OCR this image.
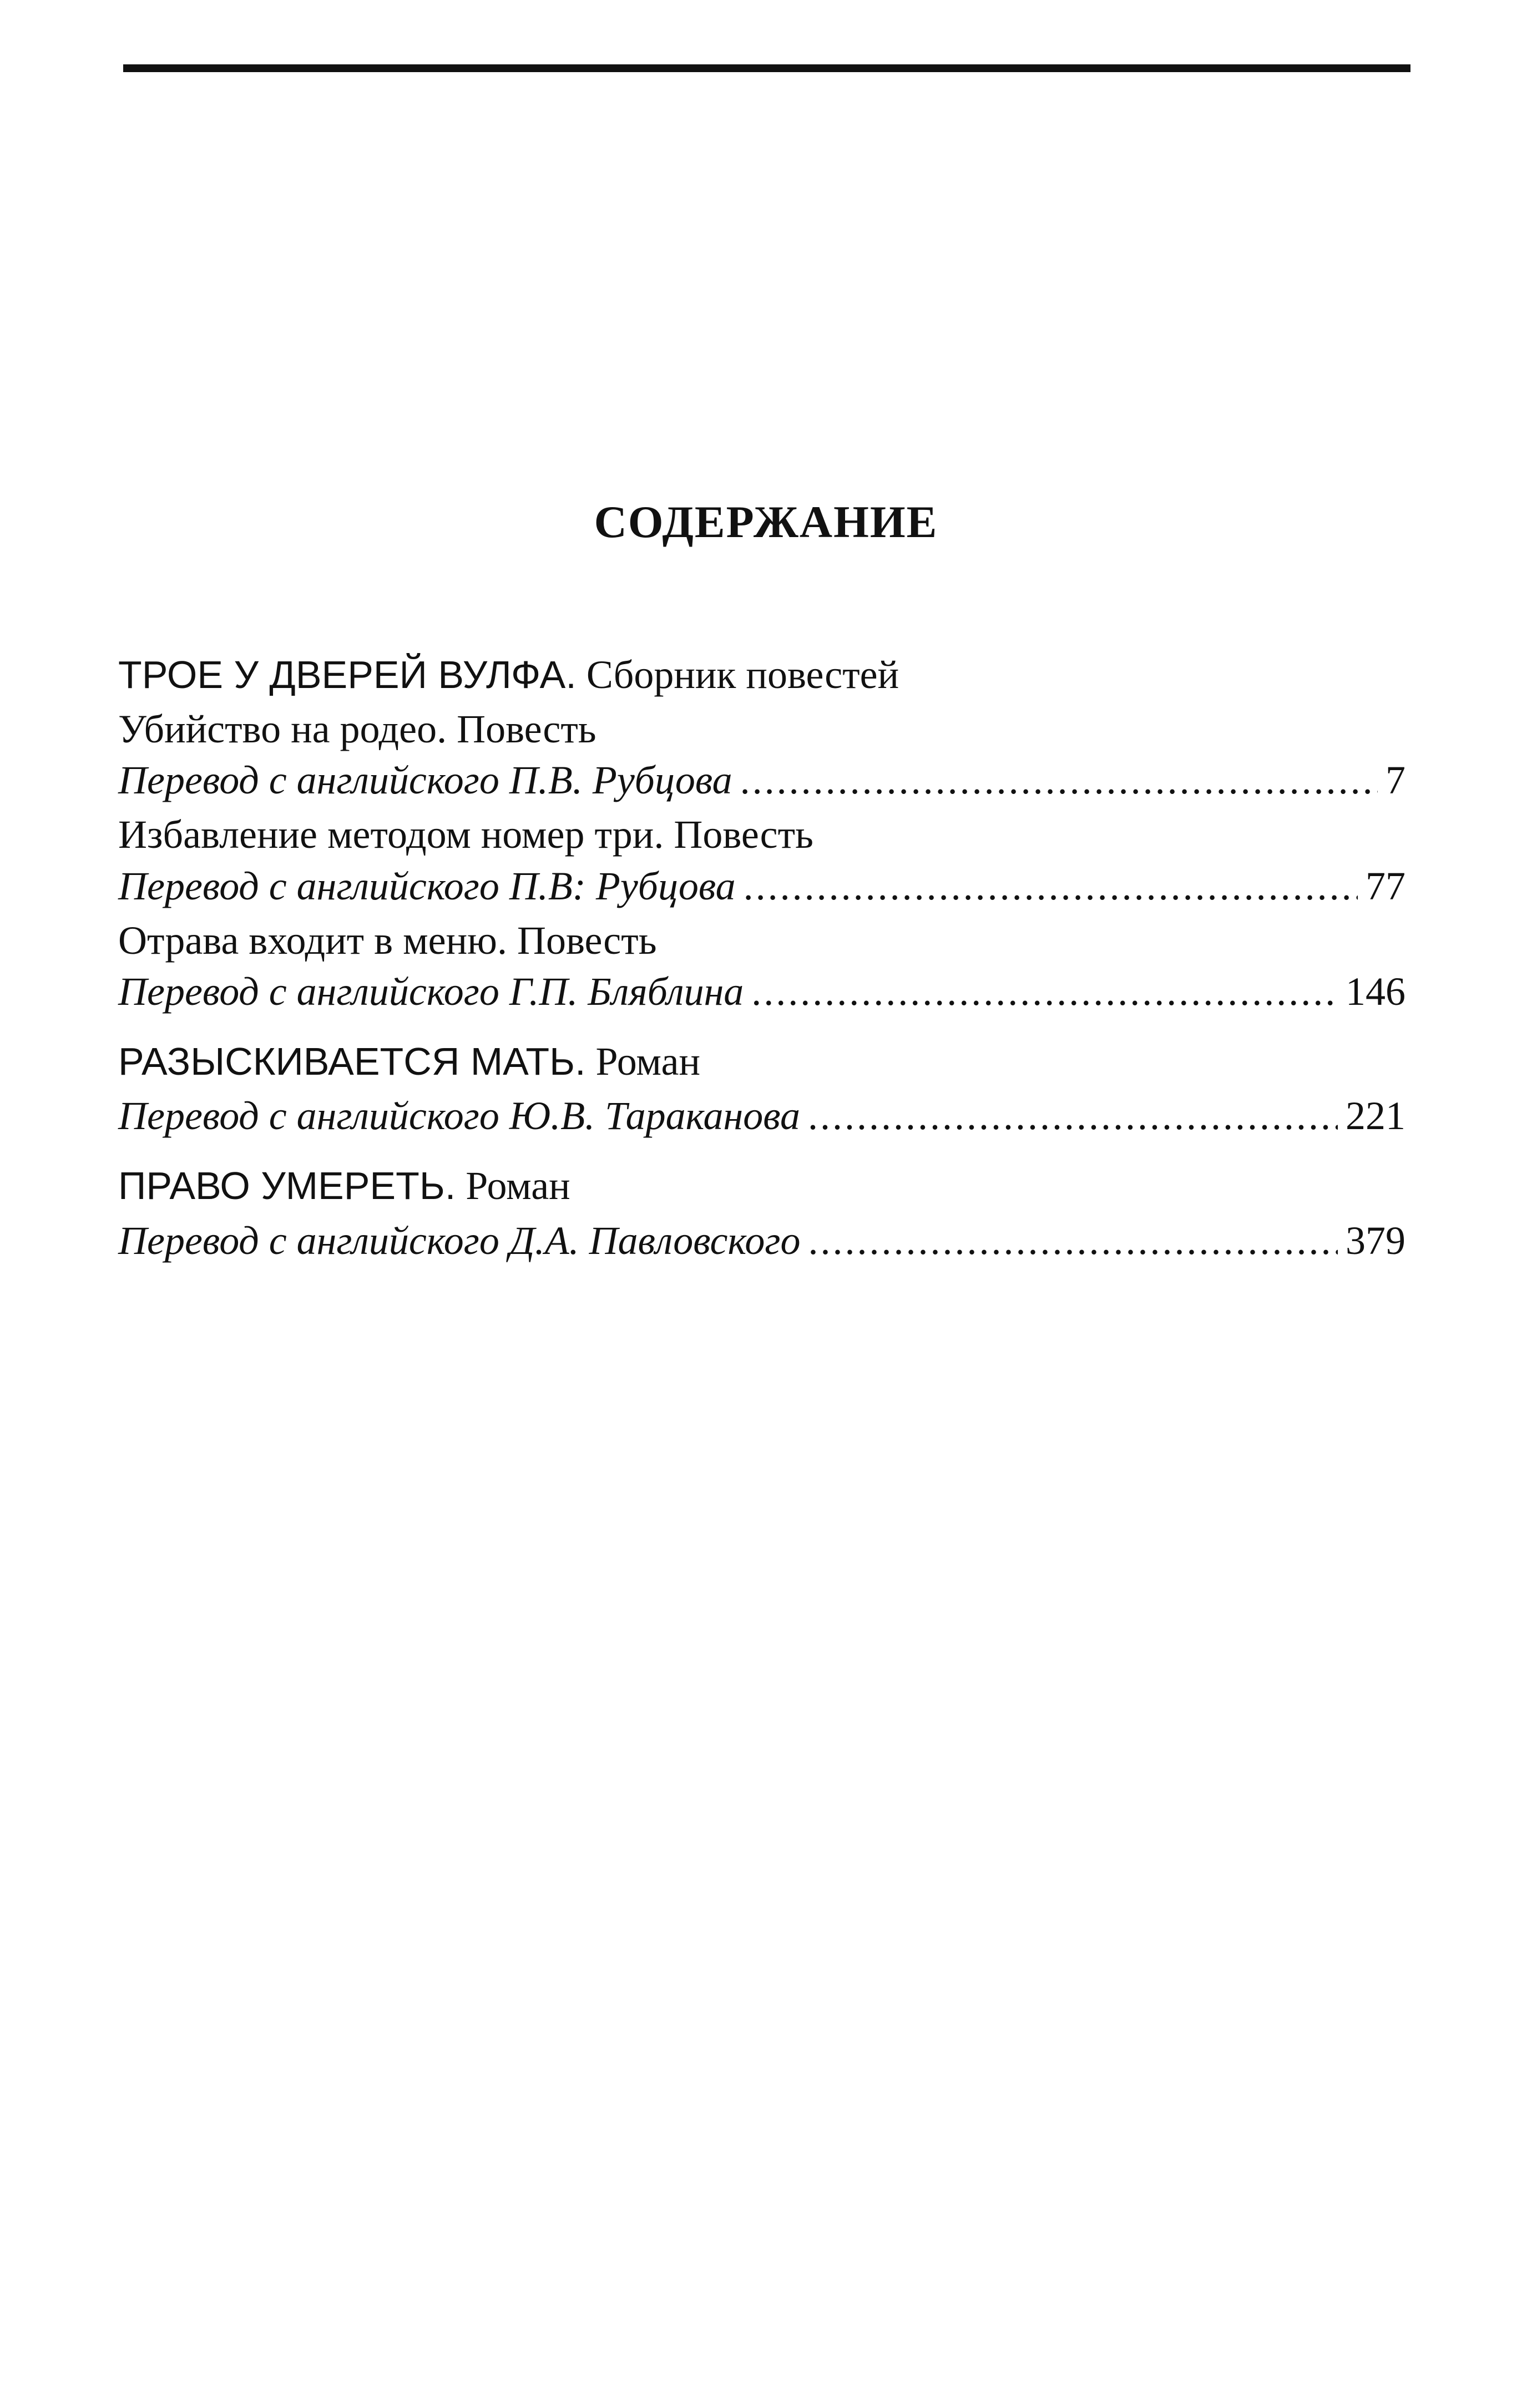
СОДЕРЖАНИЕ
ТРОЕ У ДВЕРЕЙ ВУЛФА. Сборник повестей
Убийство на родео. Повесть
Перевод с английского П.В. Рубцова .....	7
Избавление методом номер три. Повесть
Перевод с английского П.В: Рубцова .....	77
Отрава входит в меню. Повесть
Перевод с английского Г.П. Бляблина .....	146
РАЗЫСКИВАЕТСЯ МАТЬ. Роман
Перевод с английского Ю.В. Тараканова .....	221
ПРАВО УМЕРЕТЬ. Роман
Перевод с английского Д.А. Павловского .....	379
